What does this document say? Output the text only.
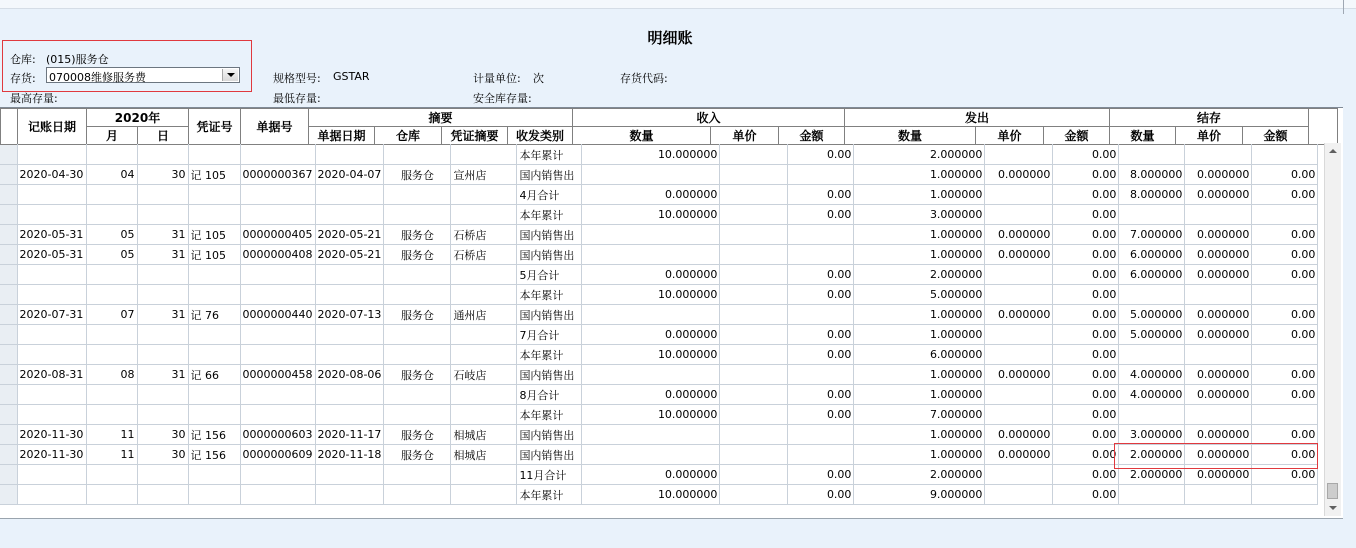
明细账
仓库: (015)服务仓
存货: 070008维修服务费	规格型号: GSTAR	计量单位: 次	存货代码:
最高存量:	最低存量:	安全库存量:
	记账日期	2020年		凭证号	单据号	摘要				收入			发出			结存			
		月	日			单据日期	仓库	凭证摘要	收发类别	数量	单价	金额	数量	单价	金额	数量	单价	金额	
									本年累计	10.000000		0.00	2.000000		0.00			
	2020-04-30	04	30	记 105	0000000367	2020-04-07	服务仓	宣州店	国内销售出				1.000000	0.000000	0.00	8.000000	0.000000	0.00
									4月合计	0.000000		0.00	1.000000		0.00	8.000000	0.000000	0.00
									本年累计	10.000000		0.00	3.000000		0.00			
	2020-05-31	05	31	记 105	0000000405	2020-05-21	服务仓	石桥店	国内销售出				1.000000	0.000000	0.00	7.000000	0.000000	0.00
	2020-05-31	05	31	记 105	0000000408	2020-05-21	服务仓	石桥店	国内销售出				1.000000	0.000000	0.00	6.000000	0.000000	0.00
									5月合计	0.000000		0.00	2.000000		0.00	6.000000	0.000000	0.00
									本年累计	10.000000		0.00	5.000000		0.00			
	2020-07-31	07	31	记 76	0000000440	2020-07-13	服务仓	通州店	国内销售出				1.000000	0.000000	0.00	5.000000	0.000000	0.00
									7月合计	0.000000		0.00	1.000000		0.00	5.000000	0.000000	0.00
									本年累计	10.000000		0.00	6.000000		0.00			
	2020-08-31	08	31	记 66	0000000458	2020-08-06	服务仓	石岐店	国内销售出				1.000000	0.000000	0.00	4.000000	0.000000	0.00
									8月合计	0.000000		0.00	1.000000		0.00	4.000000	0.000000	0.00
									本年累计	10.000000		0.00	7.000000		0.00			
	2020-11-30	11	30	记 156	0000000603	2020-11-17	服务仓	相城店	国内销售出				1.000000	0.000000	0.00	3.000000	0.000000	0.00
	2020-11-30	11	30	记 156	0000000609	2020-11-18	服务仓	相城店	国内销售出				1.000000	0.000000	0.00	2.000000	0.000000	0.00
									11月合计	0.000000		0.00	2.000000		0.00	2.000000	0.000000	0.00
									本年累计	10.000000		0.00	9.000000		0.00			
